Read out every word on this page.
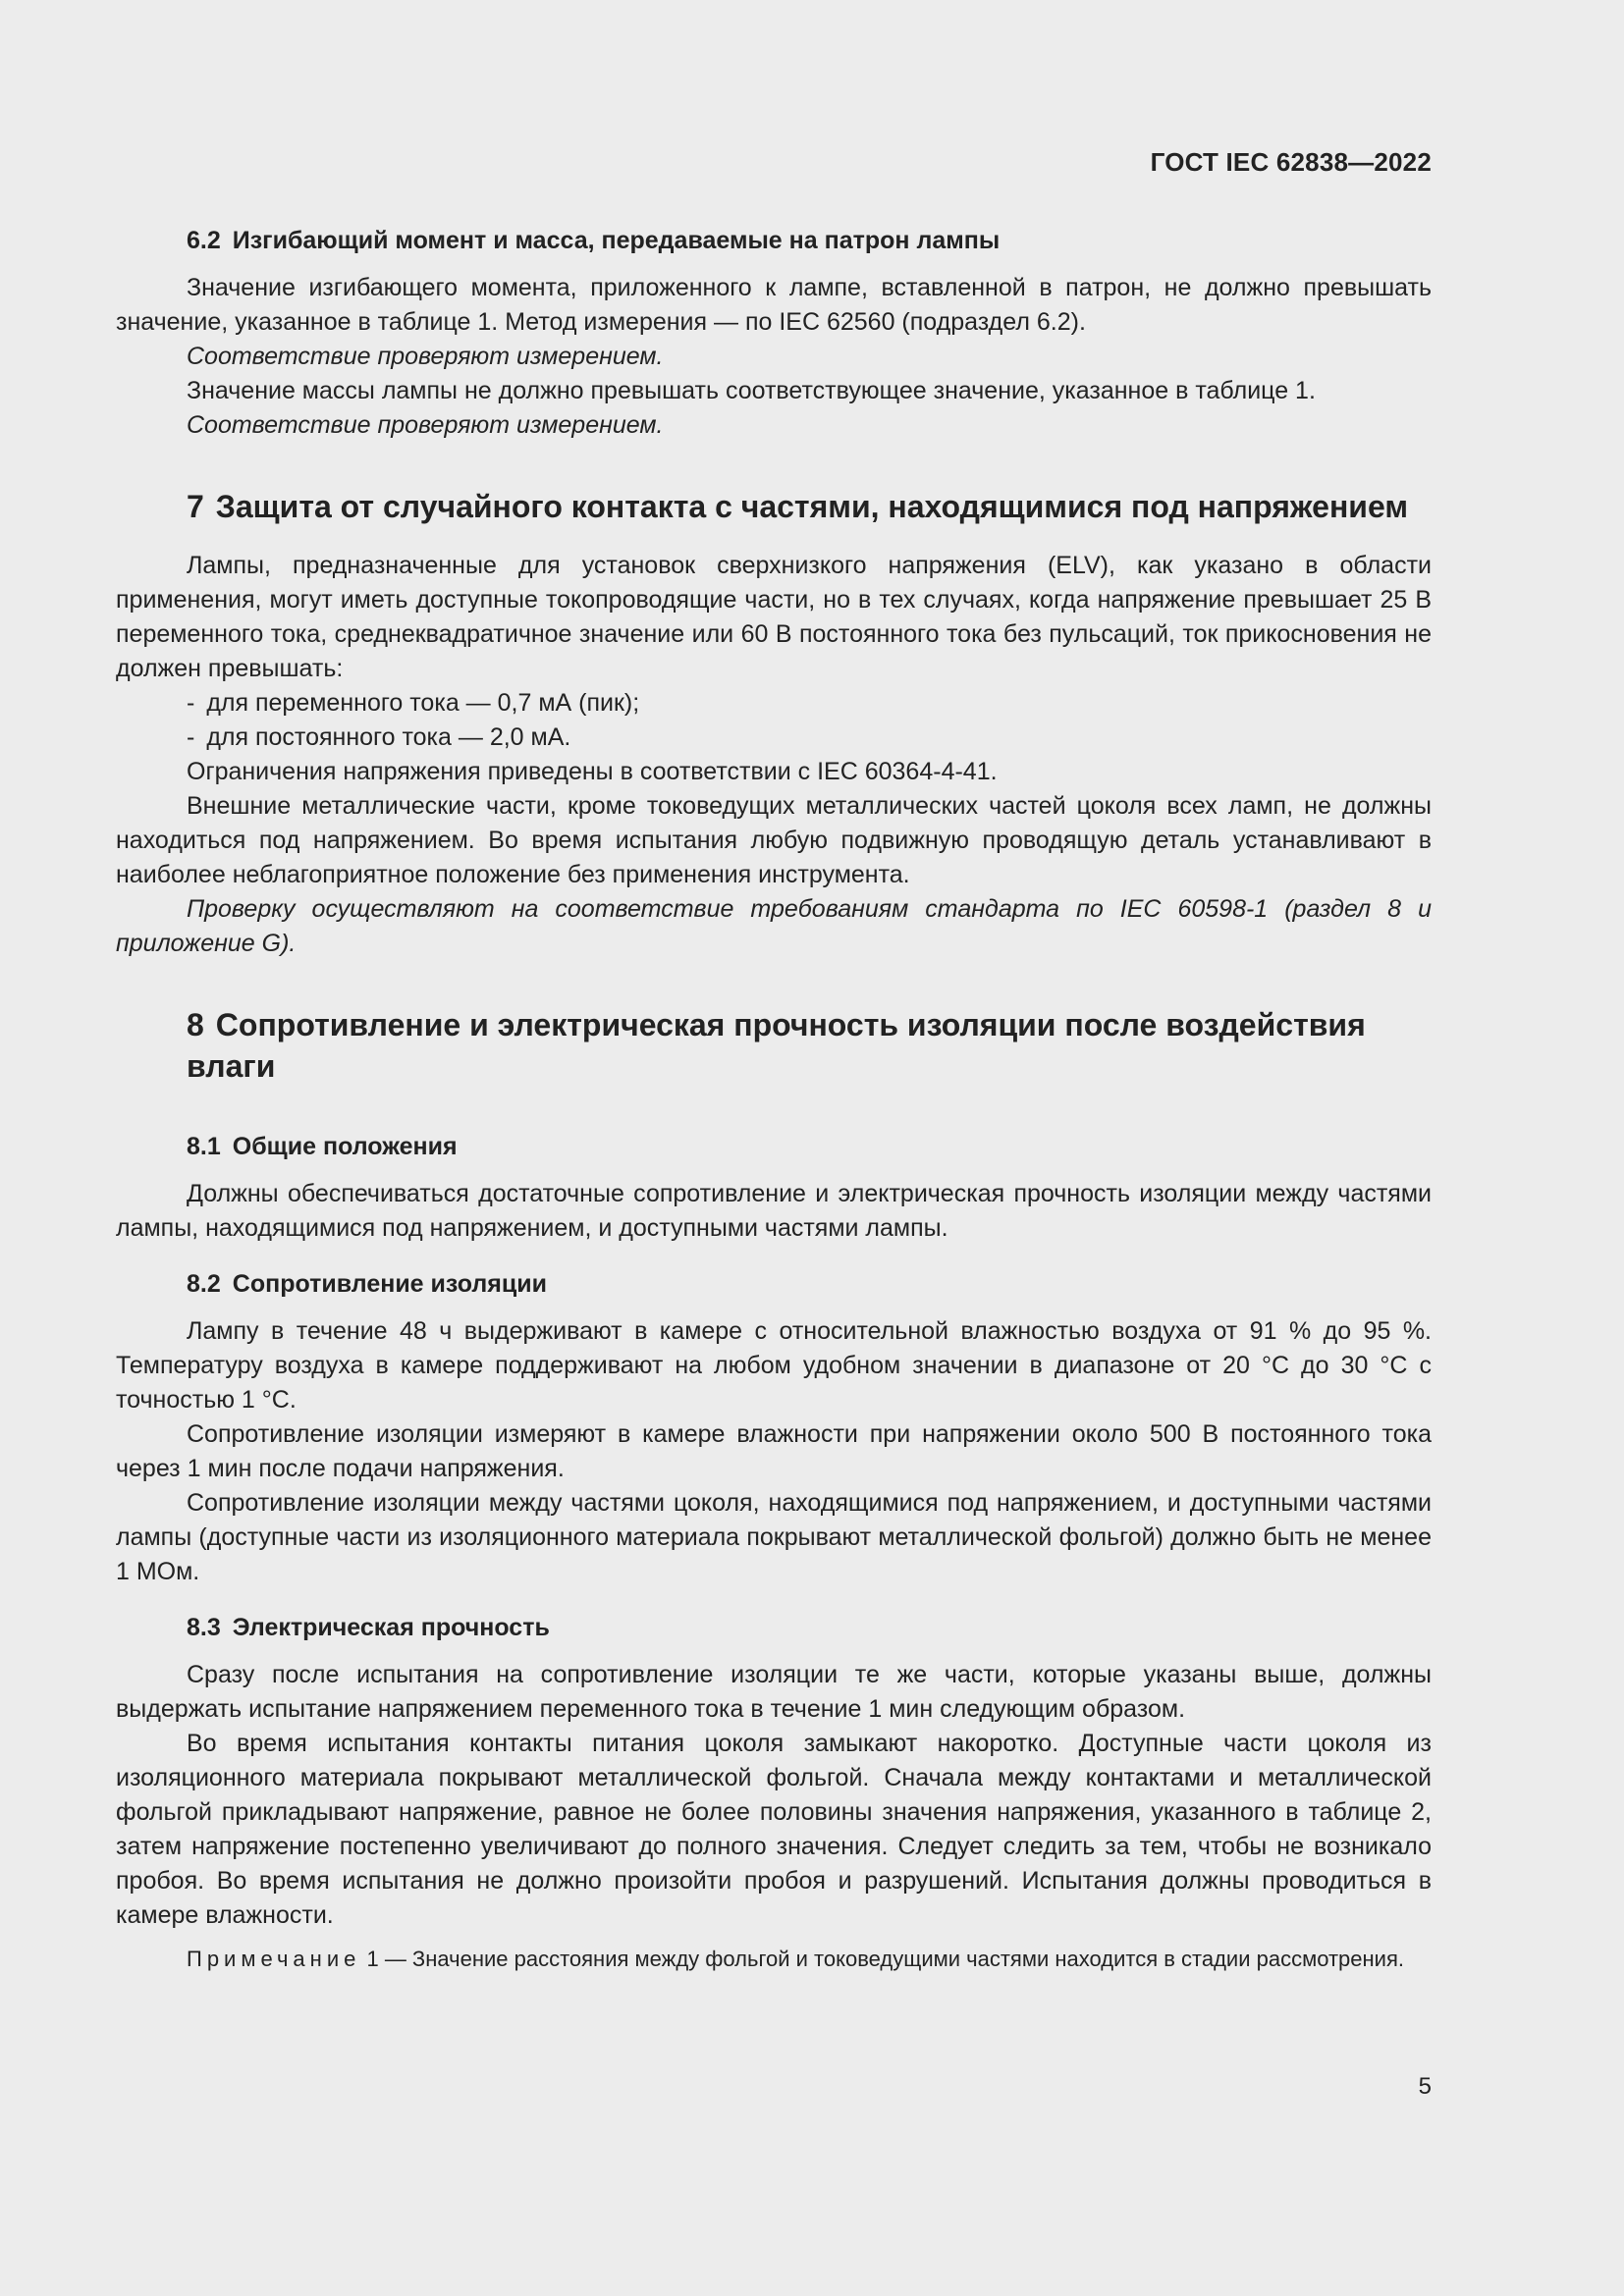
ГОСТ IEC 62838—2022
6.2 Изгибающий момент и масса, передаваемые на патрон лампы

Значение изгибающего момента, приложенного к лампе, вставленной в патрон, не должно превышать значение, указанное в таблице 1. Метод измерения — по IEC 62560 (подраздел 6.2).

Соответствие проверяют измерением.

Значение массы лампы не должно превышать соответствующее значение, указанное в таблице 1.

Соответствие проверяют измерением.

7 Защита от случайного контакта с частями, находящимися под напряжением

Лампы, предназначенные для установок сверхнизкого напряжения (ELV), как указано в области применения, могут иметь доступные токопроводящие части, но в тех случаях, когда напряжение превышает 25 В переменного тока, среднеквадратичное значение или 60 В постоянного тока без пульсаций, ток прикосновения не должен превышать:

- для переменного тока — 0,7 мА (пик);
- для постоянного тока — 2,0 мА.

Ограничения напряжения приведены в соответствии с IEC 60364-4-41.

Внешние металлические части, кроме токоведущих металлических частей цоколя всех ламп, не должны находиться под напряжением. Во время испытания любую подвижную проводящую деталь устанавливают в наиболее неблагоприятное положение без применения инструмента.

Проверку осуществляют на соответствие требованиям стандарта по IEC 60598-1 (раздел 8 и приложение G).

8 Сопротивление и электрическая прочность изоляции после воздействия влаги
8.1 Общие положения

Должны обеспечиваться достаточные сопротивление и электрическая прочность изоляции между частями лампы, находящимися под напряжением, и доступными частями лампы.

8.2 Сопротивление изоляции

Лампу в течение 48 ч выдерживают в камере с относительной влажностью воздуха от 91 % до 95 %. Температуру воздуха в камере поддерживают на любом удобном значении в диапазоне от 20 °С до 30 °С с точностью 1 °С.

Сопротивление изоляции измеряют в камере влажности при напряжении около 500 В постоянного тока через 1 мин после подачи напряжения.

Сопротивление изоляции между частями цоколя, находящимися под напряжением, и доступными частями лампы (доступные части из изоляционного материала покрывают металлической фольгой) должно быть не менее 1 МОм.

8.3 Электрическая прочность

Сразу после испытания на сопротивление изоляции те же части, которые указаны выше, должны выдержать испытание напряжением переменного тока в течение 1 мин следующим образом.

Во время испытания контакты питания цоколя замыкают накоротко. Доступные части цоколя из изоляционного материала покрывают металлической фольгой. Сначала между контактами и металлической фольгой прикладывают напряжение, равное не более половины значения напряжения, указанного в таблице 2, затем напряжение постепенно увеличивают до полного значения. Следует следить за тем, чтобы не возникало пробоя. Во время испытания не должно произойти пробоя и разрушений. Испытания должны проводиться в камере влажности.

Примечание 1 — Значение расстояния между фольгой и токоведущими частями находится в стадии рассмотрения.
5
